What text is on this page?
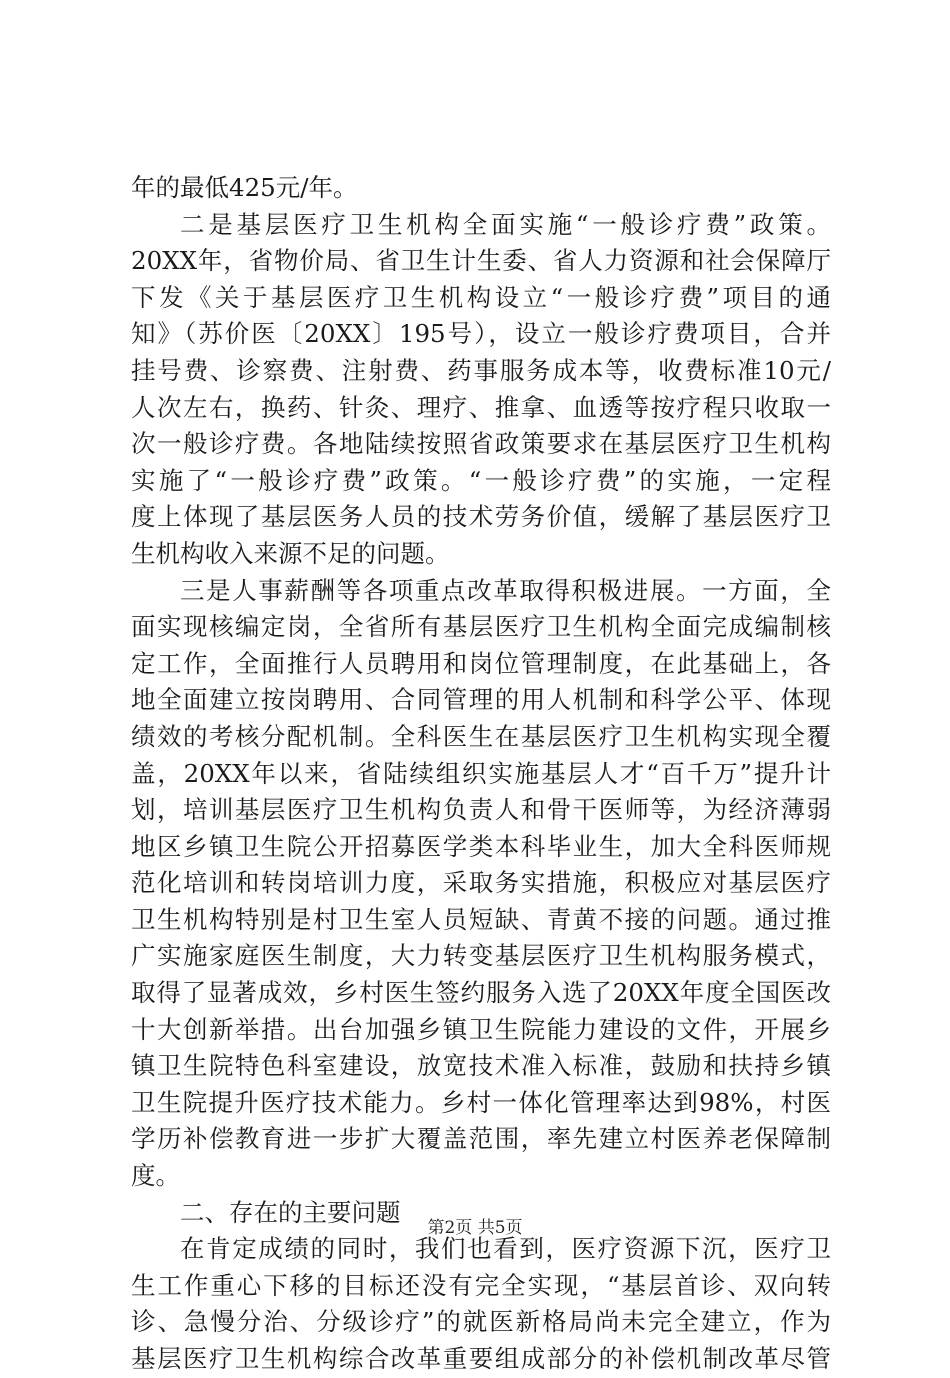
年的最低425元/年。
二是基层医疗卫生机构全面实施“一般诊疗费”政策。
20XX年，省物价局、省卫生计生委、省人力资源和社会保障厅
下发《关于基层医疗卫生机构设立“一般诊疗费”项目的通
知》（苏价医〔20XX〕195号），设立一般诊疗费项目，合并
挂号费、诊察费、注射费、药事服务成本等，收费标准10元/
人次左右，换药、针灸、理疗、推拿、血透等按疗程只收取一
次一般诊疗费。各地陆续按照省政策要求在基层医疗卫生机构
实施了“一般诊疗费”政策。“一般诊疗费”的实施，一定程
度上体现了基层医务人员的技术劳务价值，缓解了基层医疗卫
生机构收入来源不足的问题。
三是人事薪酬等各项重点改革取得积极进展。一方面，全
面实现核编定岗，全省所有基层医疗卫生机构全面完成编制核
定工作，全面推行人员聘用和岗位管理制度，在此基础上，各
地全面建立按岗聘用、合同管理的用人机制和科学公平、体现
绩效的考核分配机制。全科医生在基层医疗卫生机构实现全覆
盖，20XX年以来，省陆续组织实施基层人才“百千万”提升计
划，培训基层医疗卫生机构负责人和骨干医师等，为经济薄弱
地区乡镇卫生院公开招募医学类本科毕业生，加大全科医师规
范化培训和转岗培训力度，采取务实措施，积极应对基层医疗
卫生机构特别是村卫生室人员短缺、青黄不接的问题。通过推
广实施家庭医生制度，大力转变基层医疗卫生机构服务模式，
取得了显著成效，乡村医生签约服务入选了20XX年度全国医改
十大创新举措。出台加强乡镇卫生院能力建设的文件，开展乡
镇卫生院特色科室建设，放宽技术准入标准，鼓励和扶持乡镇
卫生院提升医疗技术能力。乡村一体化管理率达到98%，村医
学历补偿教育进一步扩大覆盖范围，率先建立村医养老保障制
度。
二、存在的主要问题
在肯定成绩的同时，我们也看到，医疗资源下沉，医疗卫
生工作重心下移的目标还没有完全实现，“基层首诊、双向转
诊、急慢分治、分级诊疗”的就医新格局尚未完全建立，作为
基层医疗卫生机构综合改革重要组成部分的补偿机制改革尽管
第2页 共5页
